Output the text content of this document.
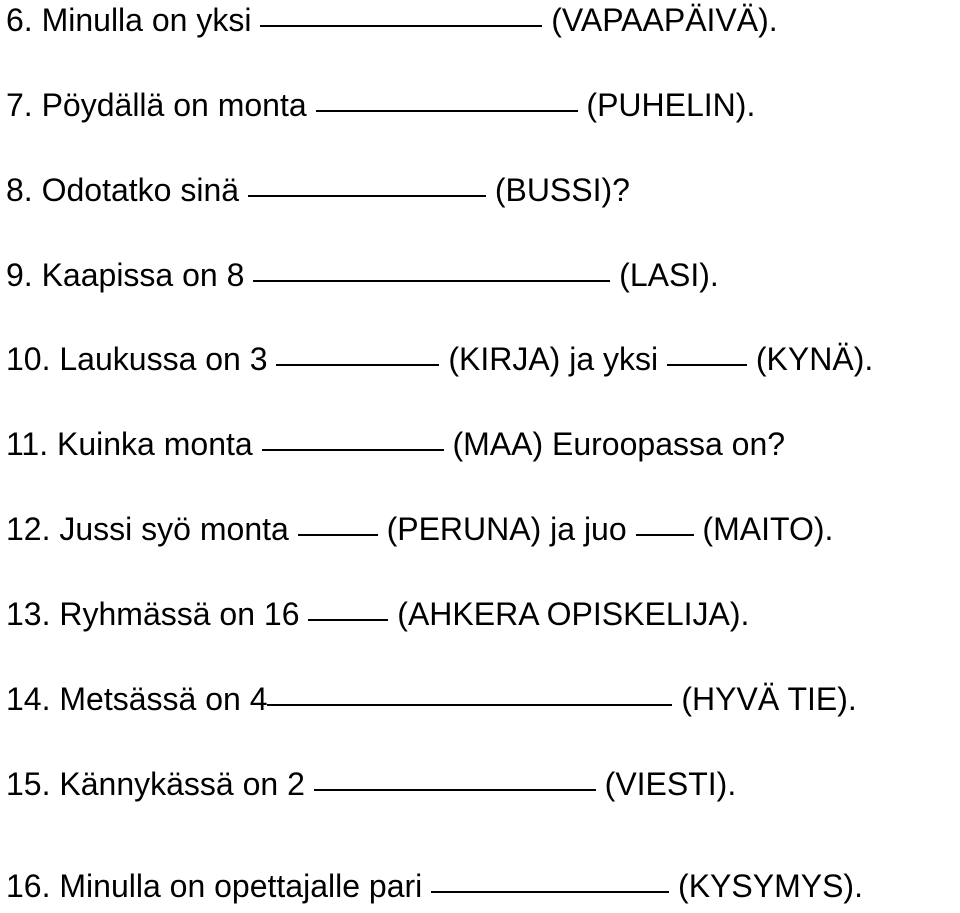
6. Minulla on yksi	(VAPAAPÄIVÄ).
7. Pöydällä on monta	(PUHELIN).
8. Odotatko sinä	(BUSSI)?
9. Kaapissa on 8	(LASI).
10. Laukussa on 3	(KIRJA) ja yksi	(KYNÄ).
11. Kuinka monta	(MAA) Euroopassa on?
12. Jussi syö monta	(PERUNA) ja juo  (MAITO).
13. Ryhmässä on 16	(AHKERA OPISKELIJA).
14. Metsässä on 4	(HYVÄ TIE).
15. Kännykässä on 2	(VIESTI).
16. Minulla on opettajalle pari	(KYSYMYS).
